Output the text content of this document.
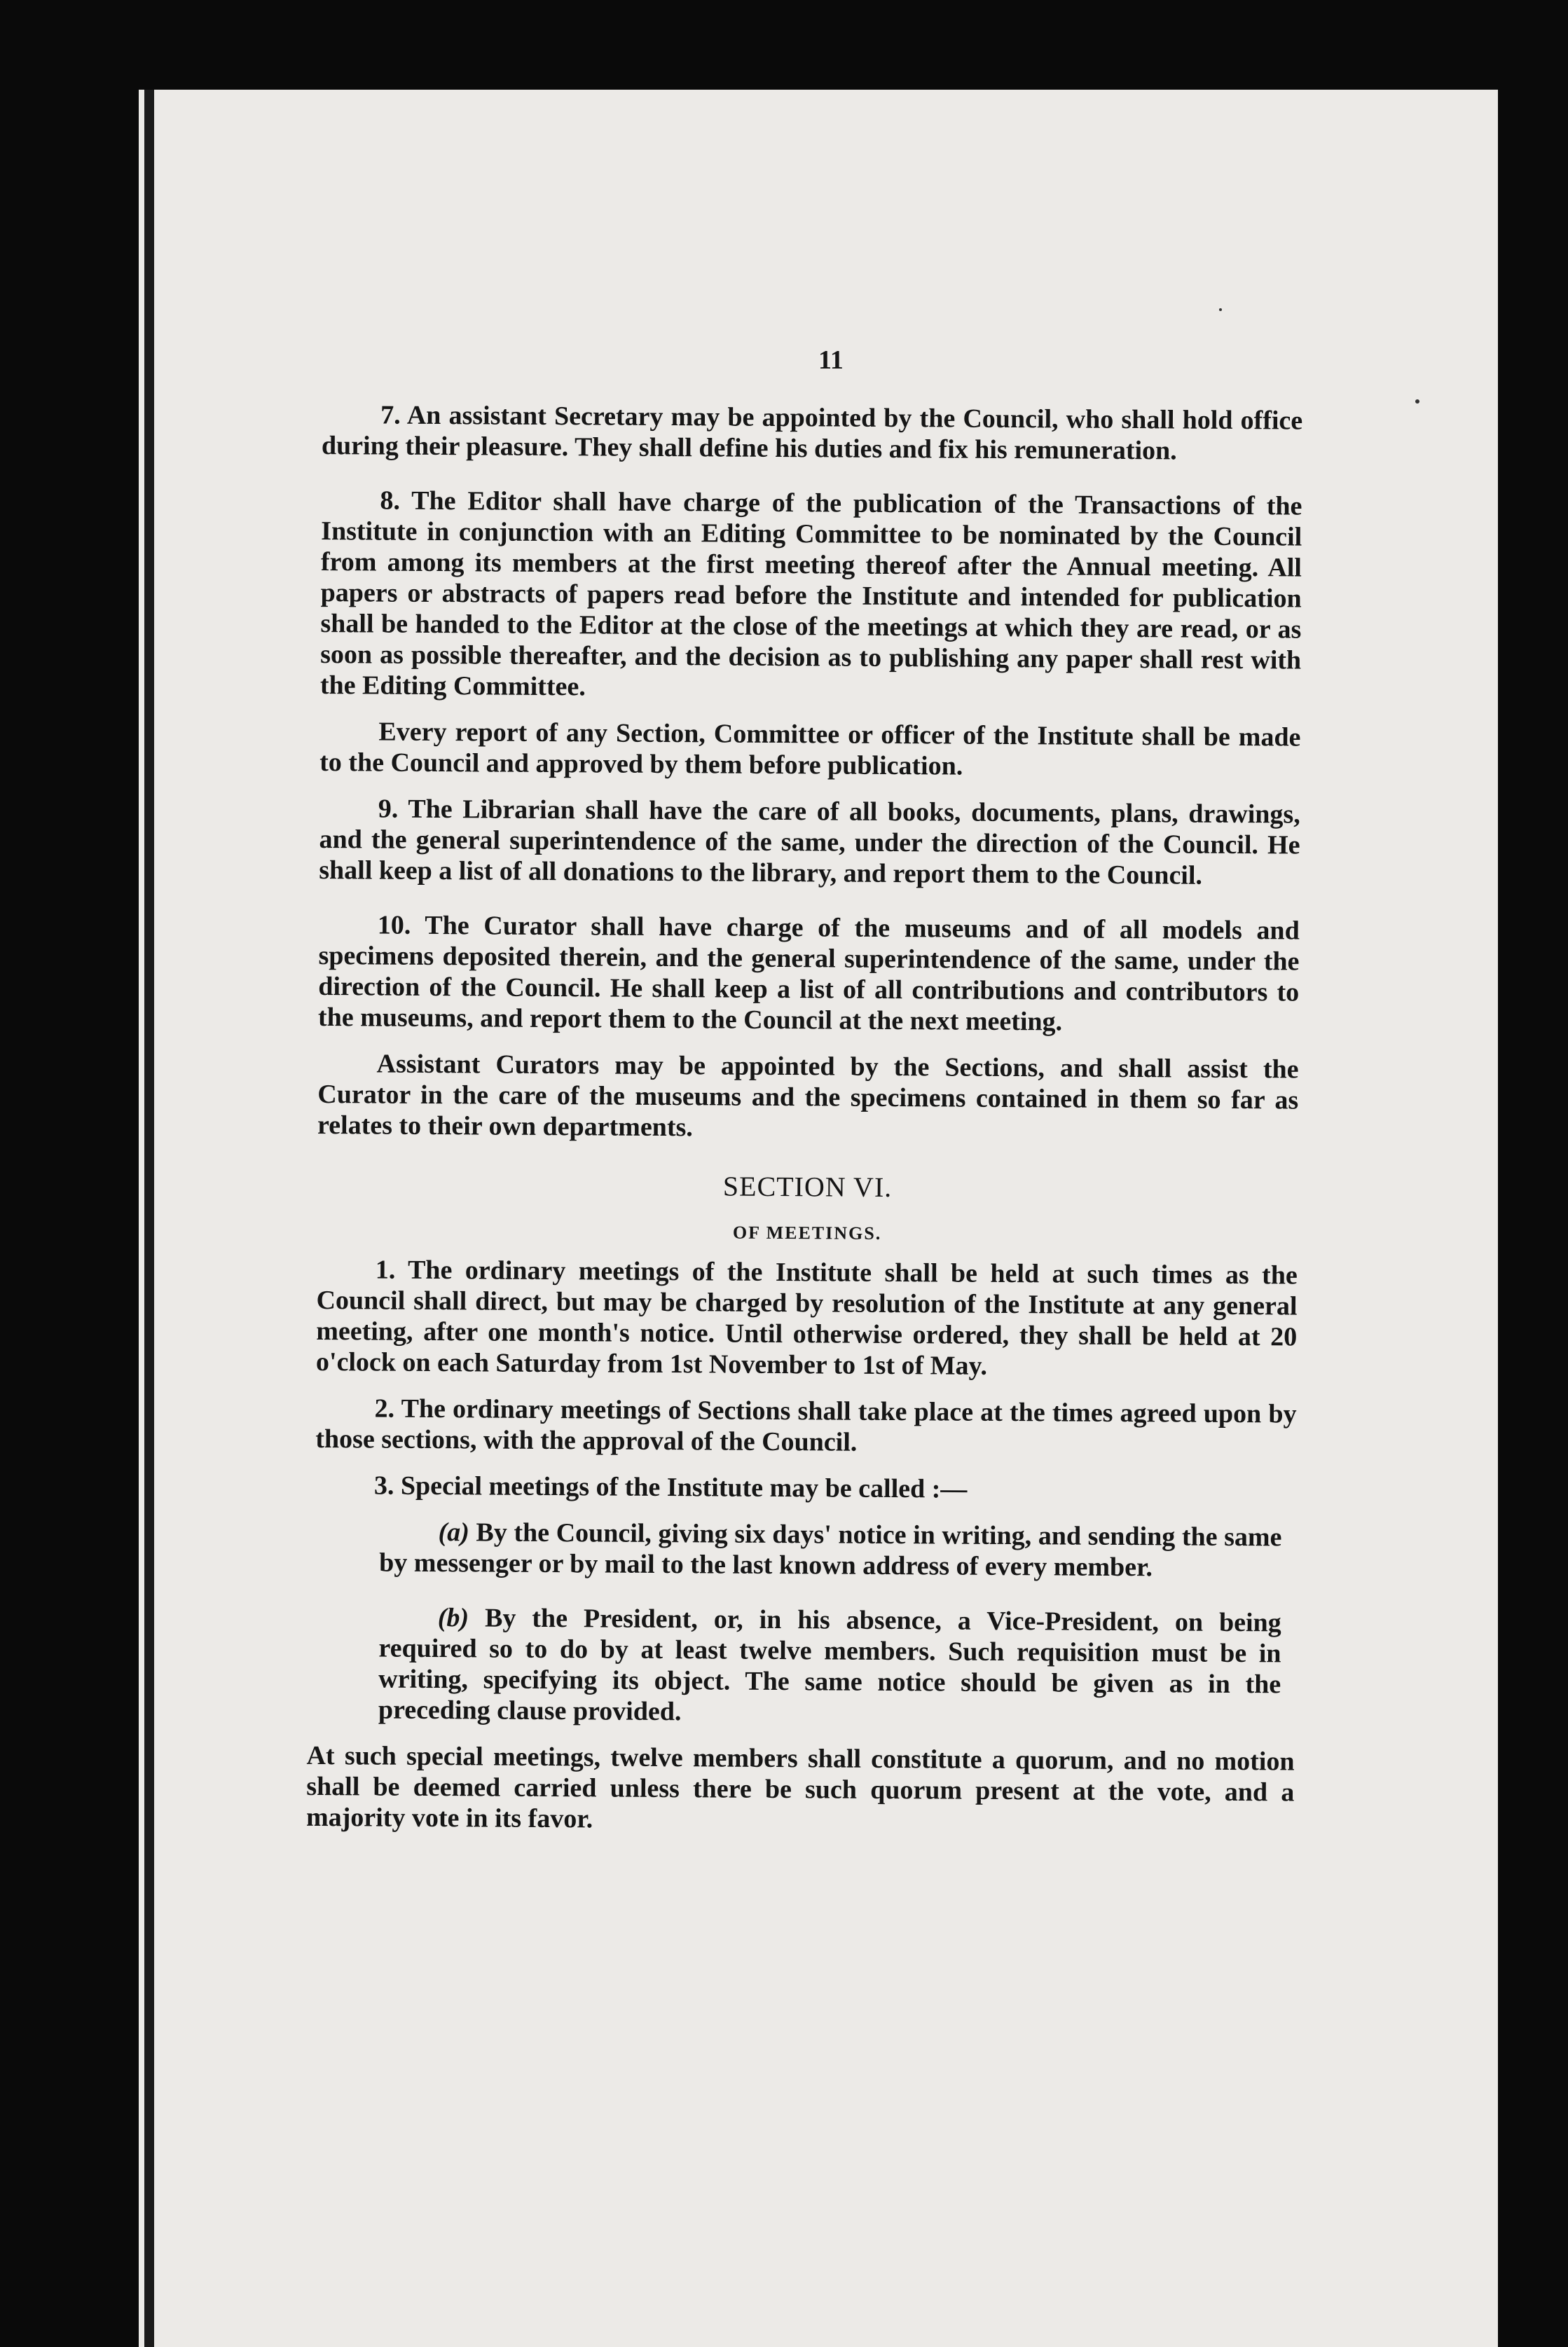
11

7. An assistant Secretary may be appointed by the Council, who shall hold office during their pleasure. They shall define his duties and fix his remuneration.

8. The Editor shall have charge of the publication of the Transactions of the Institute in conjunction with an Editing Committee to be nominated by the Council from among its members at the first meeting thereof after the Annual meeting. All papers or abstracts of papers read before the Institute and intended for publication shall be handed to the Editor at the close of the meetings at which they are read, or as soon as possible thereafter, and the decision as to publishing any paper shall rest with the Editing Committee.

Every report of any Section, Committee or officer of the Institute shall be made to the Council and approved by them before publication.

9. The Librarian shall have the care of all books, documents, plans, drawings, and the general superintendence of the same, under the direction of the Council. He shall keep a list of all donations to the library, and report them to the Council.

10. The Curator shall have charge of the museums and of all models and specimens deposited therein, and the general superintendence of the same, under the direction of the Council. He shall keep a list of all contributions and contributors to the museums, and report them to the Council at the next meeting.

Assistant Curators may be appointed by the Sections, and shall assist the Curator in the care of the museums and the specimens contained in them so far as relates to their own departments.

SECTION VI.

OF MEETINGS.

1. The ordinary meetings of the Institute shall be held at such times as the Council shall direct, but may be charged by resolution of the Institute at any general meeting, after one month's notice. Until otherwise ordered, they shall be held at 20 o'clock on each Saturday from 1st November to 1st of May.

2. The ordinary meetings of Sections shall take place at the times agreed upon by those sections, with the approval of the Council.

3. Special meetings of the Institute may be called :—

(a) By the Council, giving six days' notice in writing, and sending the same by messenger or by mail to the last known address of every member.

(b) By the President, or, in his absence, a Vice-President, on being required so to do by at least twelve members. Such requisition must be in writing, specifying its object. The same notice should be given as in the preceding clause provided.

At such special meetings, twelve members shall constitute a quorum, and no motion shall be deemed carried unless there be such quorum present at the vote, and a majority vote in its favor.
